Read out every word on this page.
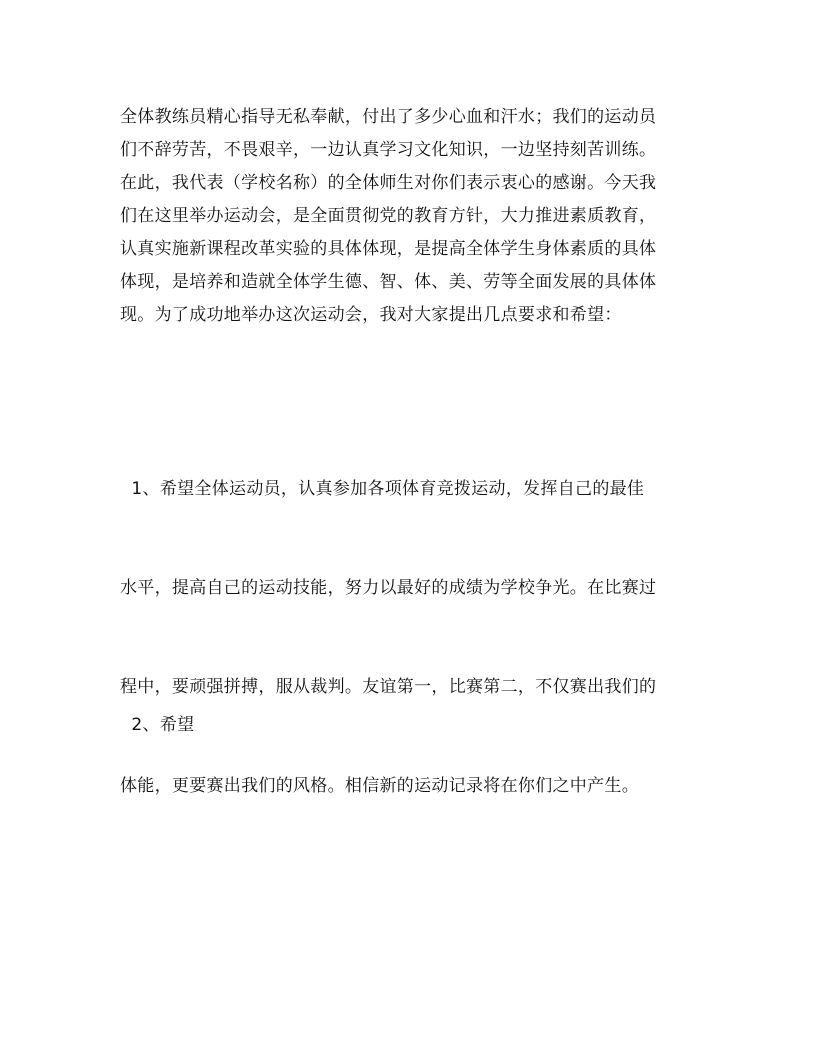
全体教练员精心指导无私奉献，付出了多少心血和汗水；我们的运动员
们不辞劳苦，不畏艰辛，一边认真学习文化知识，一边坚持刻苦训练。
在此，我代表（学校名称）的全体师生对你们表示衷心的感谢。今天我
们在这里举办运动会，是全面贯彻党的教育方针，大力推进素质教育，
认真实施新课程改革实验的具体体现，是提高全体学生身体素质的具体
体现，是培养和造就全体学生德、智、体、美、劳等全面发展的具体体
现。为了成功地举办这次运动会，我对大家提出几点要求和希望：

1、希望全体运动员，认真参加各项体育竞拨运动，发挥自己的最佳

水平，提高自己的运动技能，努力以最好的成绩为学校争光。在比赛过

程中，要顽强拼搏，服从裁判。友谊第一，比赛第二，不仅赛出我们的

体能，更要赛出我们的风格。相信新的运动记录将在你们之中产生。

2、希望
